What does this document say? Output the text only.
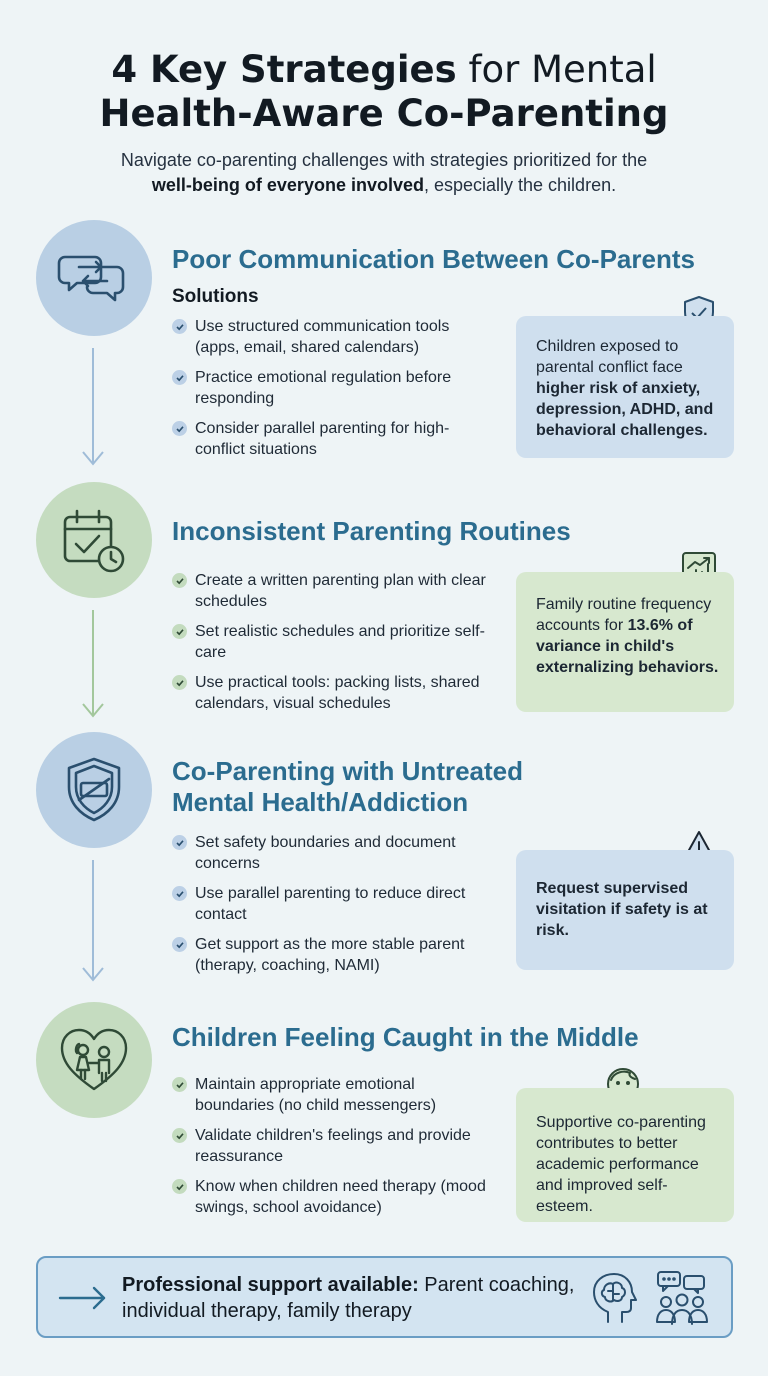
4 Key Strategies for Mental
Health-Aware Co-Parenting
Navigate co-parenting challenges with strategies prioritized for the
well-being of everyone involved, especially the children.
Poor Communication Between Co-Parents
Solutions
Use structured communication tools (apps, email, shared calendars)
Practice emotional regulation before responding
Consider parallel parenting for high-conflict situations
Children exposed to parental conflict face higher risk of anxiety, depression, ADHD, and behavioral challenges.
Inconsistent Parenting Routines
Create a written parenting plan with clear schedules
Set realistic schedules and prioritize self-care
Use practical tools: packing lists, shared calendars, visual schedules
Family routine frequency accounts for 13.6% of variance in child's externalizing behaviors.
Co-Parenting with Untreated
Mental Health/Addiction
Set safety boundaries and document concerns
Use parallel parenting to reduce direct contact
Get support as the more stable parent (therapy, coaching, NAMI)
Request supervised visitation if safety is at risk.
Children Feeling Caught in the Middle
Maintain appropriate emotional boundaries (no child messengers)
Validate children's feelings and provide reassurance
Know when children need therapy (mood swings, school avoidance)
Supportive co-parenting contributes to better academic performance and improved self-esteem.
Professional support available: Parent coaching, individual therapy, family therapy
